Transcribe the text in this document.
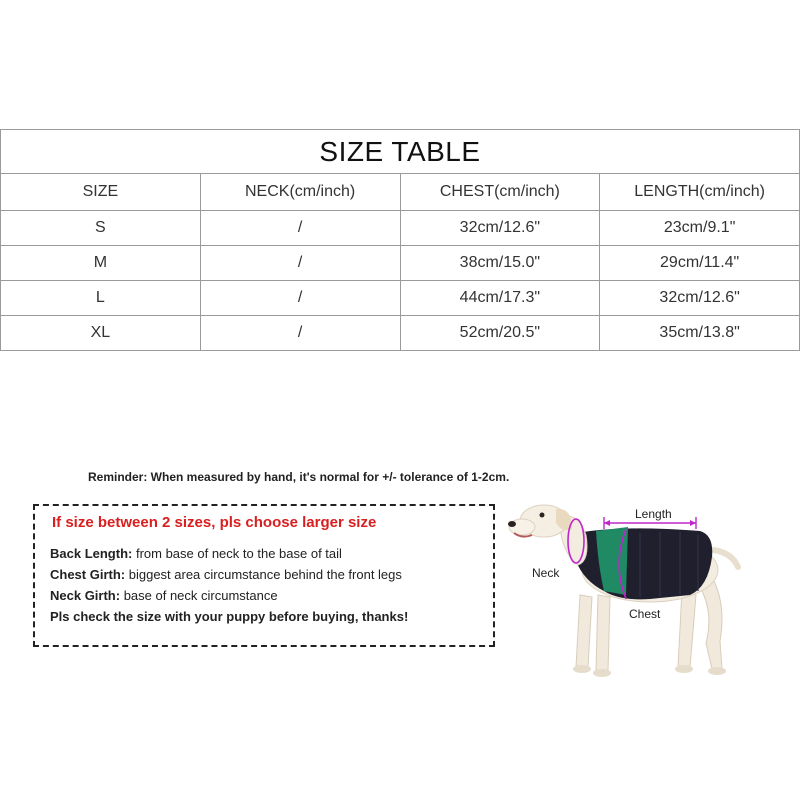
SIZE TABLE			
SIZE	NECK(cm/inch)	CHEST(cm/inch)	LENGTH(cm/inch)
S	/	32cm/12.6"	23cm/9.1"
M	/	38cm/15.0"	29cm/11.4"
L	/	44cm/17.3"	32cm/12.6"
XL	/	52cm/20.5"	35cm/13.8"
Reminder: When measured by hand, it's normal for +/- tolerance of 1-2cm.
If size between 2 sizes, pls choose larger size
Back Length: from base of neck to the base of tail
Chest Girth: biggest area circumstance behind the front legs
Neck Girth: base of neck circumstance
Pls check the size with your puppy before buying, thanks!
Length
Neck
Chest
